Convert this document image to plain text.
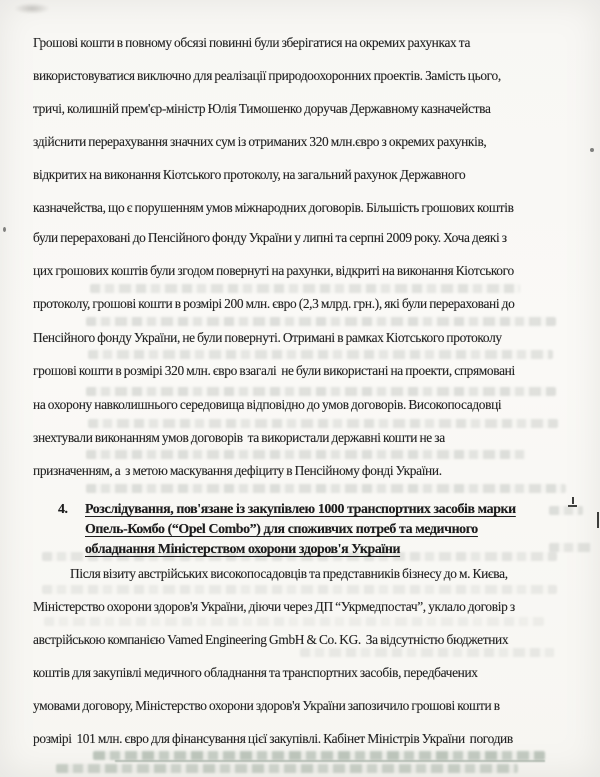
Грошові кошти в повному обсязі повинні були зберігатися на окремих рахунках та
використовуватися виключно для реалізації природоохоронних проектів. Замість цього,
тричі, колишній прем'єр-міністр Юлія Тимошенко доручав Державному казначейства
здійснити перерахування значних сум із отриманих 320 млн.євро з окремих рахунків,
відкритих на виконання Кіотського протоколу, на загальний рахунок Державного
казначейства, що є порушенням умов міжнародних договорів. Більшість грошових коштів
були перераховані до Пенсійного фонду України у липні та серпні 2009 року. Хоча деякі з
цих грошових коштів були згодом повернуті на рахунки, відкриті на виконання Кіотського
протоколу, грошові кошти в розмірі 200 млн. євро (2,3 млрд. грн.), які були перераховані до
Пенсійного фонду України, не були повернуті. Отримані в рамках Кіотського протоколу
грошові кошти в розмірі 320 млн. євро взагалі  не були використані на проекти, спрямовані
на охорону навколишнього середовища відповідно до умов договорів. Високопосадовці
знехтували виконанням умов договорів  та використали державні кошти не за
призначенням, а  з метою маскування дефіциту в Пенсійному фонді України.
4.	Розслідування, пов'язане із закупівлею 1000 транспортних засобів марки
Опель-Комбо (“Opel Combo”) для споживчих потреб та медичного
обладнання Міністерством охорони здоров'я України
Після візиту австрійських високопосадовців та представників бізнесу до м. Києва,
Міністерство охорони здоров'я України, діючи через ДП “Укрмедпостач”, уклало договір з
австрійською компанією Vamed Engineering GmbH & Co. KG.  За відсутністю бюджетних
коштів для закупівлі медичного обладнання та транспортних засобів, передбачених
умовами договору, Міністерство охорони здоров'я України запозичило грошові кошти в
розмірі  101 млн. євро для фінансування цієї закупівлі. Кабінет Міністрів України  погодив
